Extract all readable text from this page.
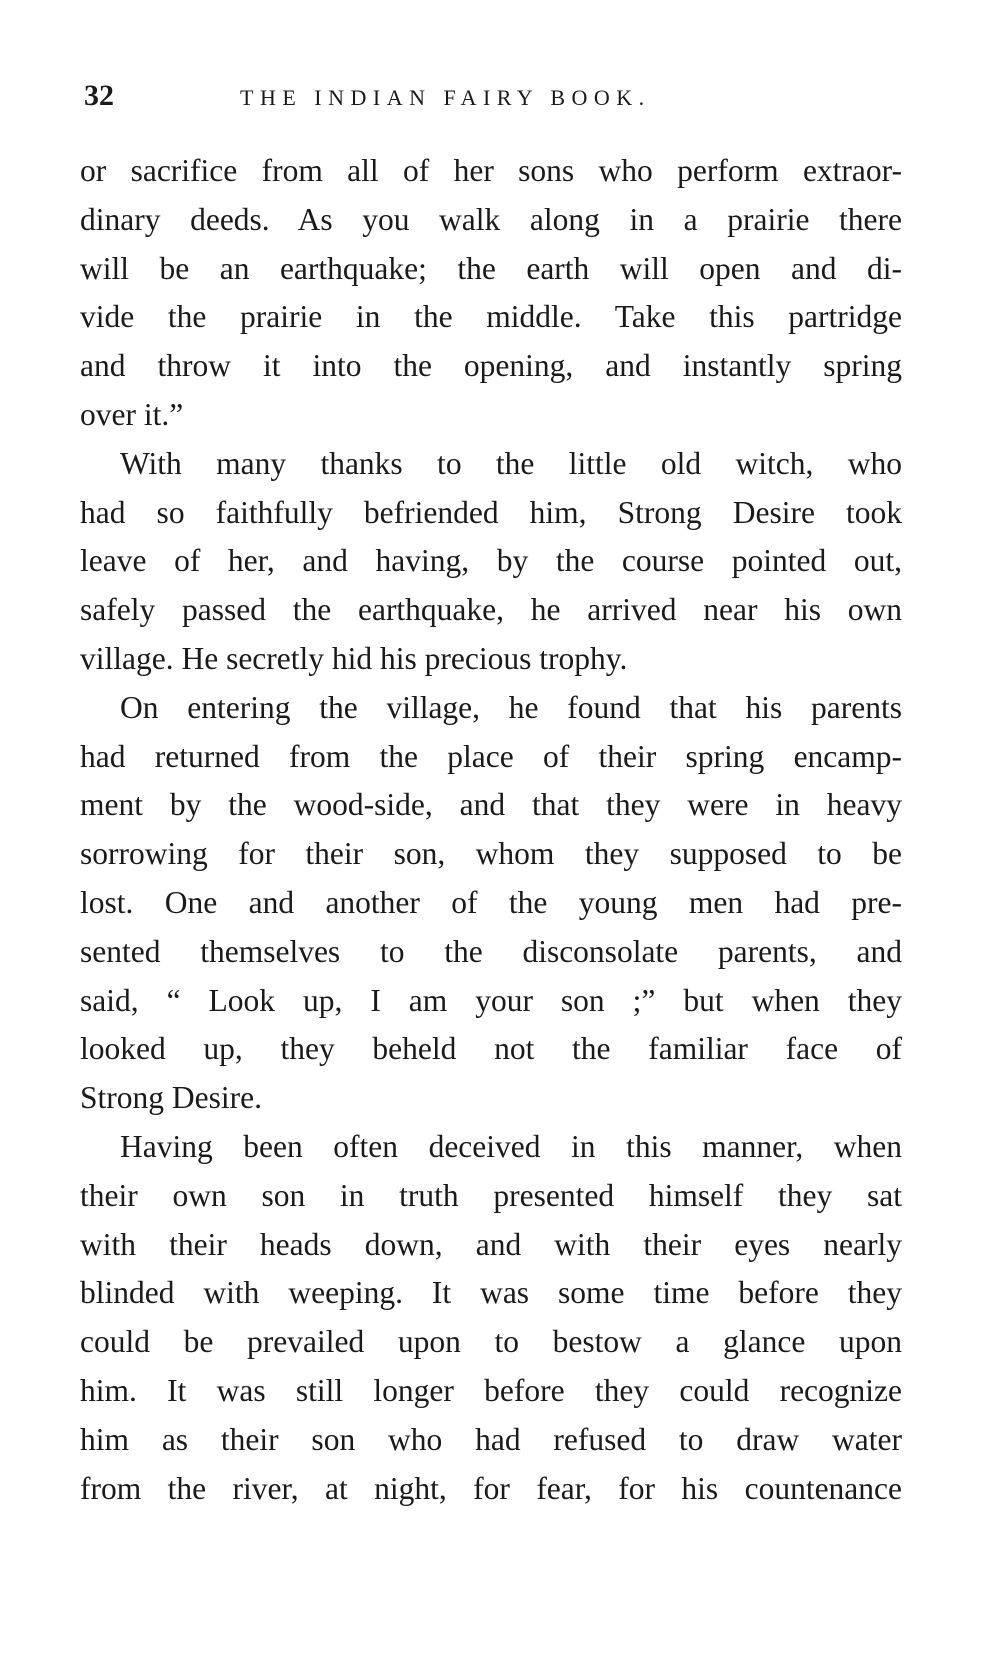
32	THE INDIAN FAIRY BOOK.
or sacrifice from all of her sons who perform extraor-
dinary deeds. As you walk along in a prairie there
will be an earthquake; the earth will open and di-
vide the prairie in the middle. Take this partridge
and throw it into the opening, and instantly spring
over it.”
With many thanks to the little old witch, who
had so faithfully befriended him, Strong Desire took
leave of her, and having, by the course pointed out,
safely passed the earthquake, he arrived near his own
village. He secretly hid his precious trophy.
On entering the village, he found that his parents
had returned from the place of their spring encamp-
ment by the wood-side, and that they were in heavy
sorrowing for their son, whom they supposed to be
lost. One and another of the young men had pre-
sented themselves to the disconsolate parents, and
said, “ Look up, I am your son ;” but when they
looked up, they beheld not the familiar face of
Strong Desire.
Having been often deceived in this manner, when
their own son in truth presented himself they sat
with their heads down, and with their eyes nearly
blinded with weeping. It was some time before they
could be prevailed upon to bestow a glance upon
him. It was still longer before they could recognize
him as their son who had refused to draw water
from the river, at night, for fear, for his countenance
